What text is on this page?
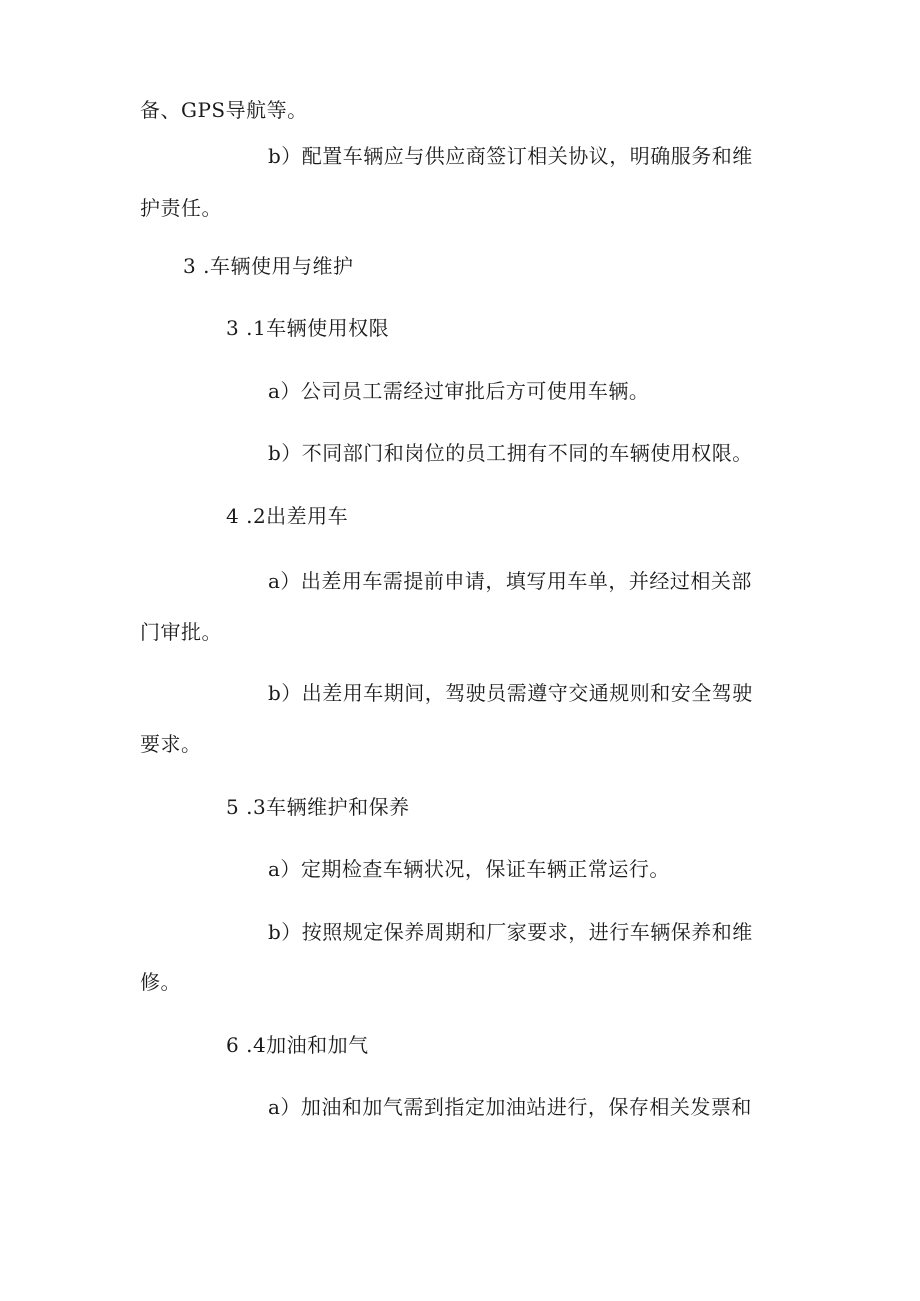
备、GPS导航等。
b）配置车辆应与供应商签订相关协议，明确服务和维
护责任。
3 .车辆使用与维护
3 .1车辆使用权限
a）公司员工需经过审批后方可使用车辆。
b）不同部门和岗位的员工拥有不同的车辆使用权限。
4 .2出差用车
a）出差用车需提前申请，填写用车单，并经过相关部
门审批。
b）出差用车期间，驾驶员需遵守交通规则和安全驾驶
要求。
5 .3车辆维护和保养
a）定期检查车辆状况，保证车辆正常运行。
b）按照规定保养周期和厂家要求，进行车辆保养和维
修。
6 .4加油和加气
a）加油和加气需到指定加油站进行，保存相关发票和
